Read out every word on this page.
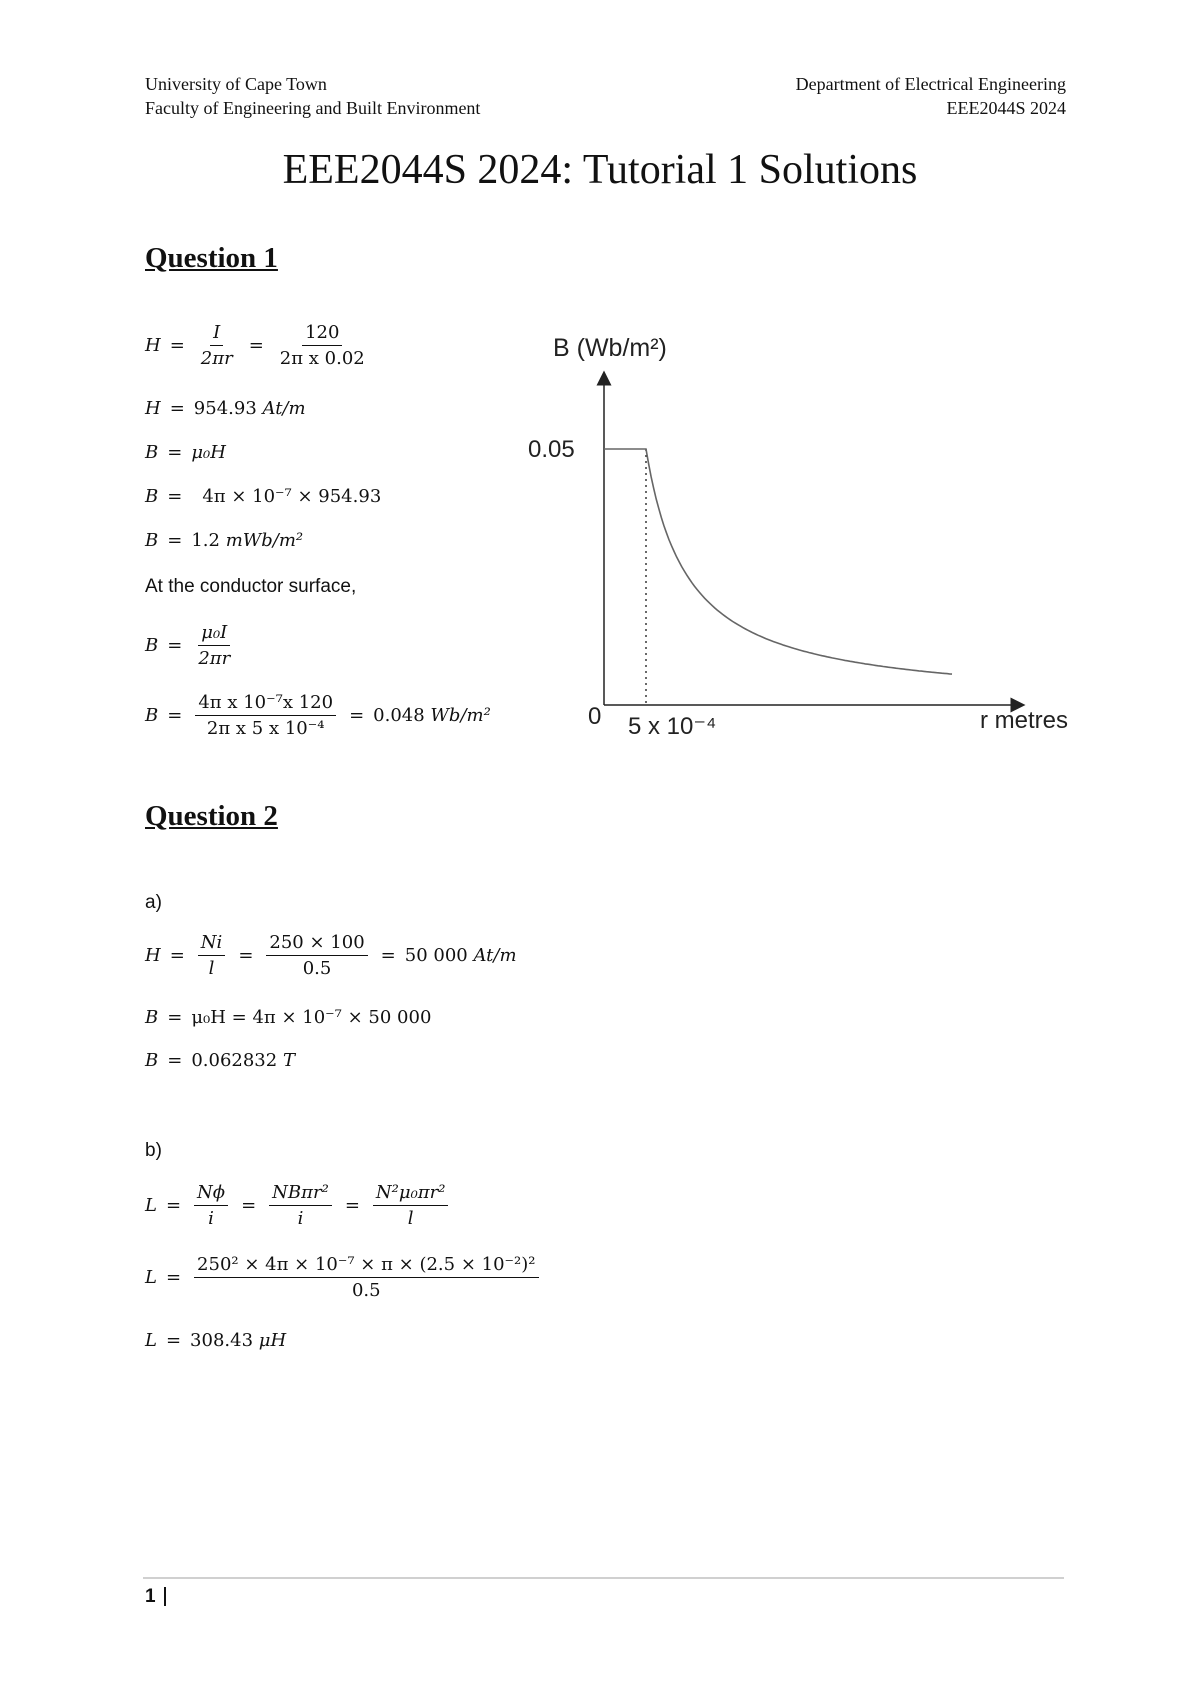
University of Cape Town
Faculty of Engineering and Built Environment
Department of Electrical Engineering
EEE2044S 2024
EEE2044S 2024: Tutorial 1 Solutions
Question 1
$H = \frac{I}{2\pi r} = \frac{120}{\text{2π x 0.02}}$
H = 954.93
At/m
B = μ₀H
B = 4π × 10⁻⁷ × 954.93
B = 1.2
mWb/m²
At the conductor surface,
$B = \frac{\text{μ₀I}}{2\pi r}$
$B = \frac{\text{4π x 10⁻⁷x 120}}{\text{2π x 5 x 10⁻⁴}} = 0.048$
Wb/m²
B (Wb/m²)
0.05
0 5 x 10⁻⁴	r metres
Question 2
a)
$H = \frac{Ni}{l} = \frac{250 \times 100}{0.5} = 50$ 000
At/m
B = μ₀H = 4π × 10⁻⁷ × 50 000
B = 0.062832
T
b)
$L = \frac{N\phi}{i} = \frac{\text{NBπr²}}{i} = \frac{\text{N²μ₀πr²}}{l}$
$L = \frac{\text{250² × 4π × 10⁻⁷ × π × (2.5 × 10⁻²)²}}{0.5}$
L = 308.43
μH
1
